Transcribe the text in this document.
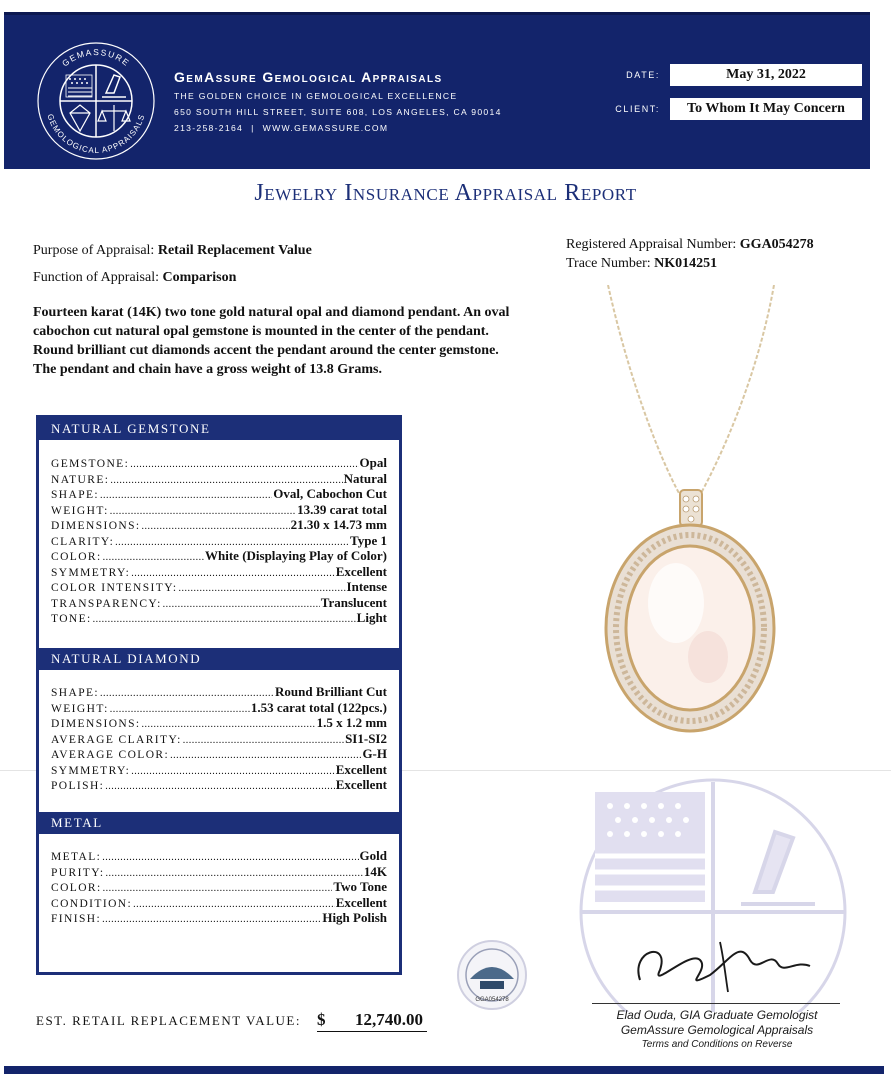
GEMASSURE
GEMOLOGICAL APPRAISALS
GemAssure Gemological Appraisals
THE GOLDEN CHOICE IN GEMOLOGICAL EXCELLENCE
650 SOUTH HILL STREET, SUITE 608, LOS ANGELES, CA 90014
213-258-2164 | WWW.GEMASSURE.COM
DATE:	May 31, 2022
CLIENT:	To Whom It May Concern
Jewelry Insurance Appraisal Report
Purpose of Appraisal: Retail Replacement Value
Function of Appraisal: Comparison
Registered Appraisal Number: GGA054278
Trace Number: NK014251
Fourteen karat (14K) two tone gold natural opal and diamond pendant. An oval cabochon cut natural opal gemstone is mounted in the center of the pendant. Round brilliant cut diamonds accent the pendant around the center gemstone. The pendant and chain have a gross weight of 13.8 Grams.
NATURAL GEMSTONE
GEMSTONE: .....	Opal
NATURE: .....	Natural
SHAPE: .....	Oval, Cabochon Cut
WEIGHT: .....	13.39 carat total
DIMENSIONS: .....	21.30 x 14.73 mm
CLARITY: .....	Type 1
COLOR: .....	White (Displaying Play of Color)
SYMMETRY: .....	Excellent
COLOR INTENSITY: .....	Intense
TRANSPARENCY: .....	Translucent
TONE: .....	Light
NATURAL DIAMOND
SHAPE: .....	Round Brilliant Cut
WEIGHT: .....	1.53 carat total (122pcs.)
DIMENSIONS: .....	1.5 x 1.2 mm
AVERAGE CLARITY: .....	SI1-SI2
AVERAGE COLOR: .....	G-H
SYMMETRY: .....	Excellent
POLISH: .....	Excellent
METAL
METAL: .....	Gold
PURITY: .....	14K
COLOR: .....	Two Tone
CONDITION: .....	Excellent
FINISH: .....	High Polish
EST. RETAIL REPLACEMENT VALUE: $ 12,740.00
GGA054278
Elad Ouda, GIA Graduate Gemologist
GemAssure Gemological Appraisals
Terms and Conditions on Reverse
